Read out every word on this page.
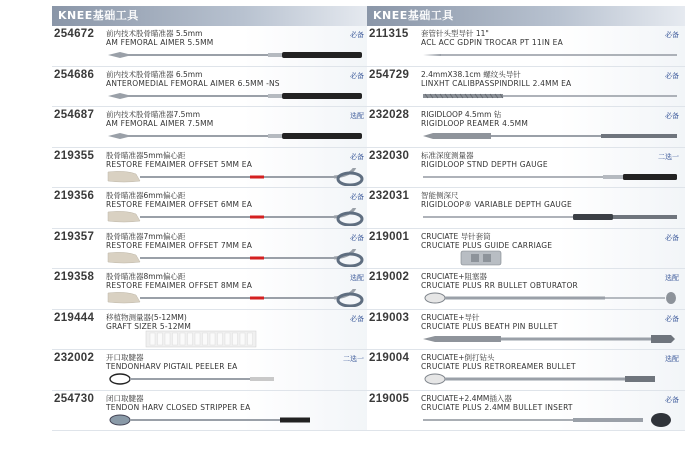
KNEE基础工具
254672 前内技术股骨瞄准器 5.5mm
AM FEMORAL AIMER 5.5MM
必备
254686 前内技术股骨瞄准器 6.5mm
ANTEROMEDIAL FEMORAL AIMER 6.5MM -NS
必备
254687 前内技术股骨瞄准器7.5mm
AM FEMORAL AIMER 7.5MM
选配
219355 股骨瞄准器5mm偏心距
RESTORE FEMAIMER OFFSET 5MM EA
必备
219356 股骨瞄准器6mm偏心距
RESTORE FEMAIMER OFFSET 6MM EA
必备
219357 股骨瞄准器7mm偏心距
RESTORE FEMAIMER OFFSET 7MM EA
必备
219358 股骨瞄准器8mm偏心距
RESTORE FEMAIMER OFFSET 8MM EA
选配
219444 移植物测量器(5-12MM)
GRAFT SIZER 5-12MM
必备
232002 开口取腱器
TENDONHARV PIGTAIL PEELER EA
二选一
254730 闭口取腱器
TENDON HARV CLOSED STRIPPER EA
KNEE基础工具
211315 套管针头型导针 11"
ACL ACC GDPIN TROCAR PT 11IN EA
必备
254729 2.4mmX38.1cm 螺纹头导针
LINXHT CALIBPASSPINDRILL 2.4MM EA
必备
232028 RIGIDLOOP 4.5mm 钻
RIGIDLOOP REAMER 4.5MM
必备
232030 标准深度测量器
RIGIDLOOP STND DEPTH GAUGE
二选一
232031 智能侧深尺
RIGIDLOOP® VARIABLE DEPTH GAUGE
219001 CRUCIATE 导针套筒
CRUCIATE PLUS GUIDE CARRIAGE
必备
219002 CRUCIATE+阻塞器
CRUCIATE PLUS RR BULLET OBTURATOR
选配
219003 CRUCIATE+导针
CRUCIATE PLUS BEATH PIN BULLET
必备
219004 CRUCIATE+倒打钻头
CRUCIATE PLUS RETROREAMER BULLET
选配
219005 CRUCIATE+2.4MM插入器
CRUCIATE PLUS 2.4MM BULLET INSERT
必备
